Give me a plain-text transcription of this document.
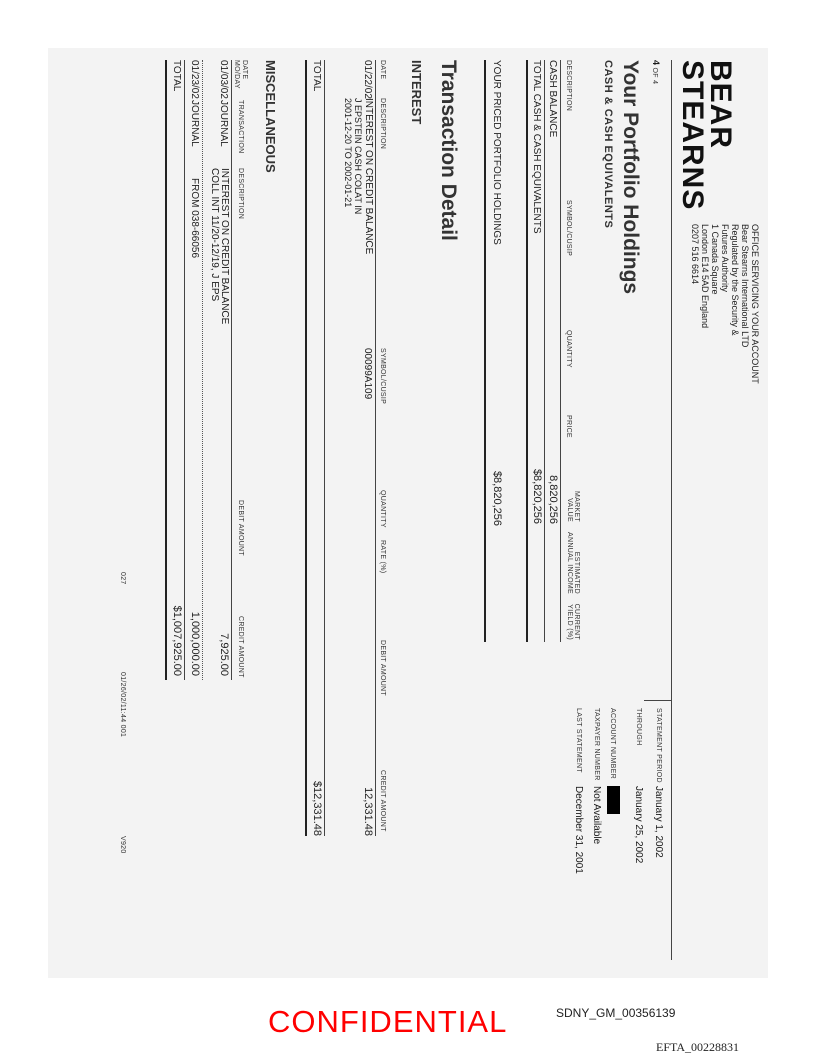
BEAR
STEARNS
OFFICE SERVICING YOUR ACCOUNT
Bear Stearns International LTD
Regulated by the Security &
Futures Authority
1 Canada Square
London E14 5AD England
0207 516 6614
4 OF 4
STATEMENT PERIOD
January 1, 2002
THROUGH
January 25, 2002
ACCOUNT NUMBER
TAXPAYER NUMBER
Not Available
LAST STATEMENT
December 31, 2001
Your Portfolio Holdings
CASH & CASH EQUIVALENTS
DESCRIPTION
SYMBOL/CUSIP
QUANTITY
PRICE
MARKET
VALUE
ESTIMATED
ANNUAL INCOME
CURRENT
YIELD (%)
CASH BALANCE
8,820,256
TOTAL CASH & CASH EQUIVALENTS
$8,820,256
YOUR PRICED PORTFOLIO HOLDINGS
$8,820,256
Transaction Detail
INTEREST
DATE
DESCRIPTION
SYMBOL/CUSIP
QUANTITY
RATE (%)
DEBIT AMOUNT
CREDIT AMOUNT
01/22/02
INTEREST ON CREDIT BALANCE
J EPSTEIN CASH COLAT IN
2001-12-20 TO 2002-01-21
00099A109
12,331.48
TOTAL
$12,331.48
MISCELLANEOUS
DATE
MO/DAY
TRANSACTION
DESCRIPTION
DEBIT AMOUNT
CREDIT AMOUNT
01/03/02
JOURNAL
INTEREST ON CREDIT BALANCE
COLL INT 11/20-12/19, J EPS
7,925.00
01/23/02
JOURNAL
FROM 038-66056
1,000,000.00
TOTAL
$1,007,925.00
027
01/26/02/11:44 001
V920
CONFIDENTIAL	SDNY_GM_00356139
EFTA_00228831
